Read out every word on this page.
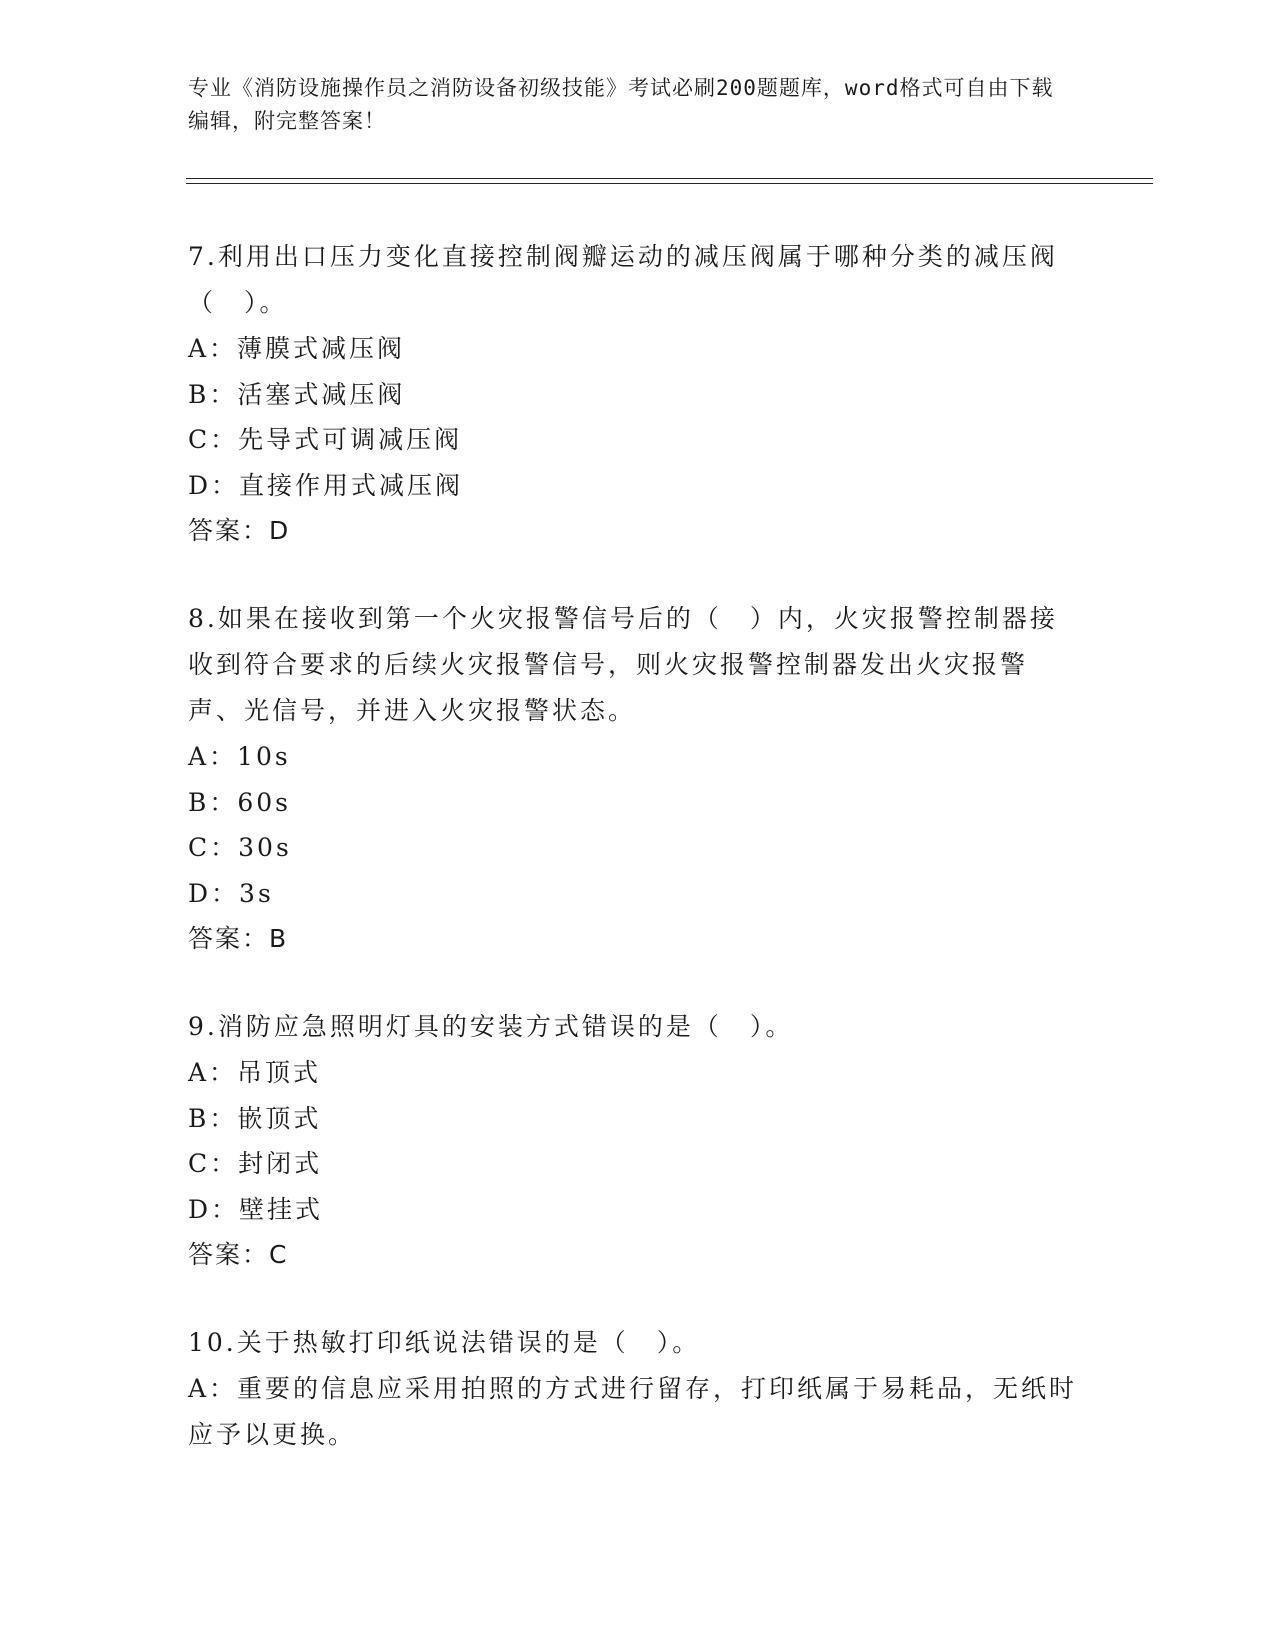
专业《消防设施操作员之消防设备初级技能》考试必刷200题题库，word格式可自由下载编辑，附完整答案！
7.利用出口压力变化直接控制阀瓣运动的减压阀属于哪种分类的减压阀（　）。
A：薄膜式减压阀
B：活塞式减压阀
C：先导式可调减压阀
D：直接作用式减压阀
答案：D
8.如果在接收到第一个火灾报警信号后的（　）内，火灾报警控制器接收到符合要求的后续火灾报警信号，则火灾报警控制器发出火灾报警声、光信号，并进入火灾报警状态。
A：10s
B：60s
C：30s
D：3s
答案：B
9.消防应急照明灯具的安装方式错误的是（　）。
A：吊顶式
B：嵌顶式
C：封闭式
D：壁挂式
答案：C
10.关于热敏打印纸说法错误的是（　）。
A：重要的信息应采用拍照的方式进行留存，打印纸属于易耗品，无纸时应予以更换。
